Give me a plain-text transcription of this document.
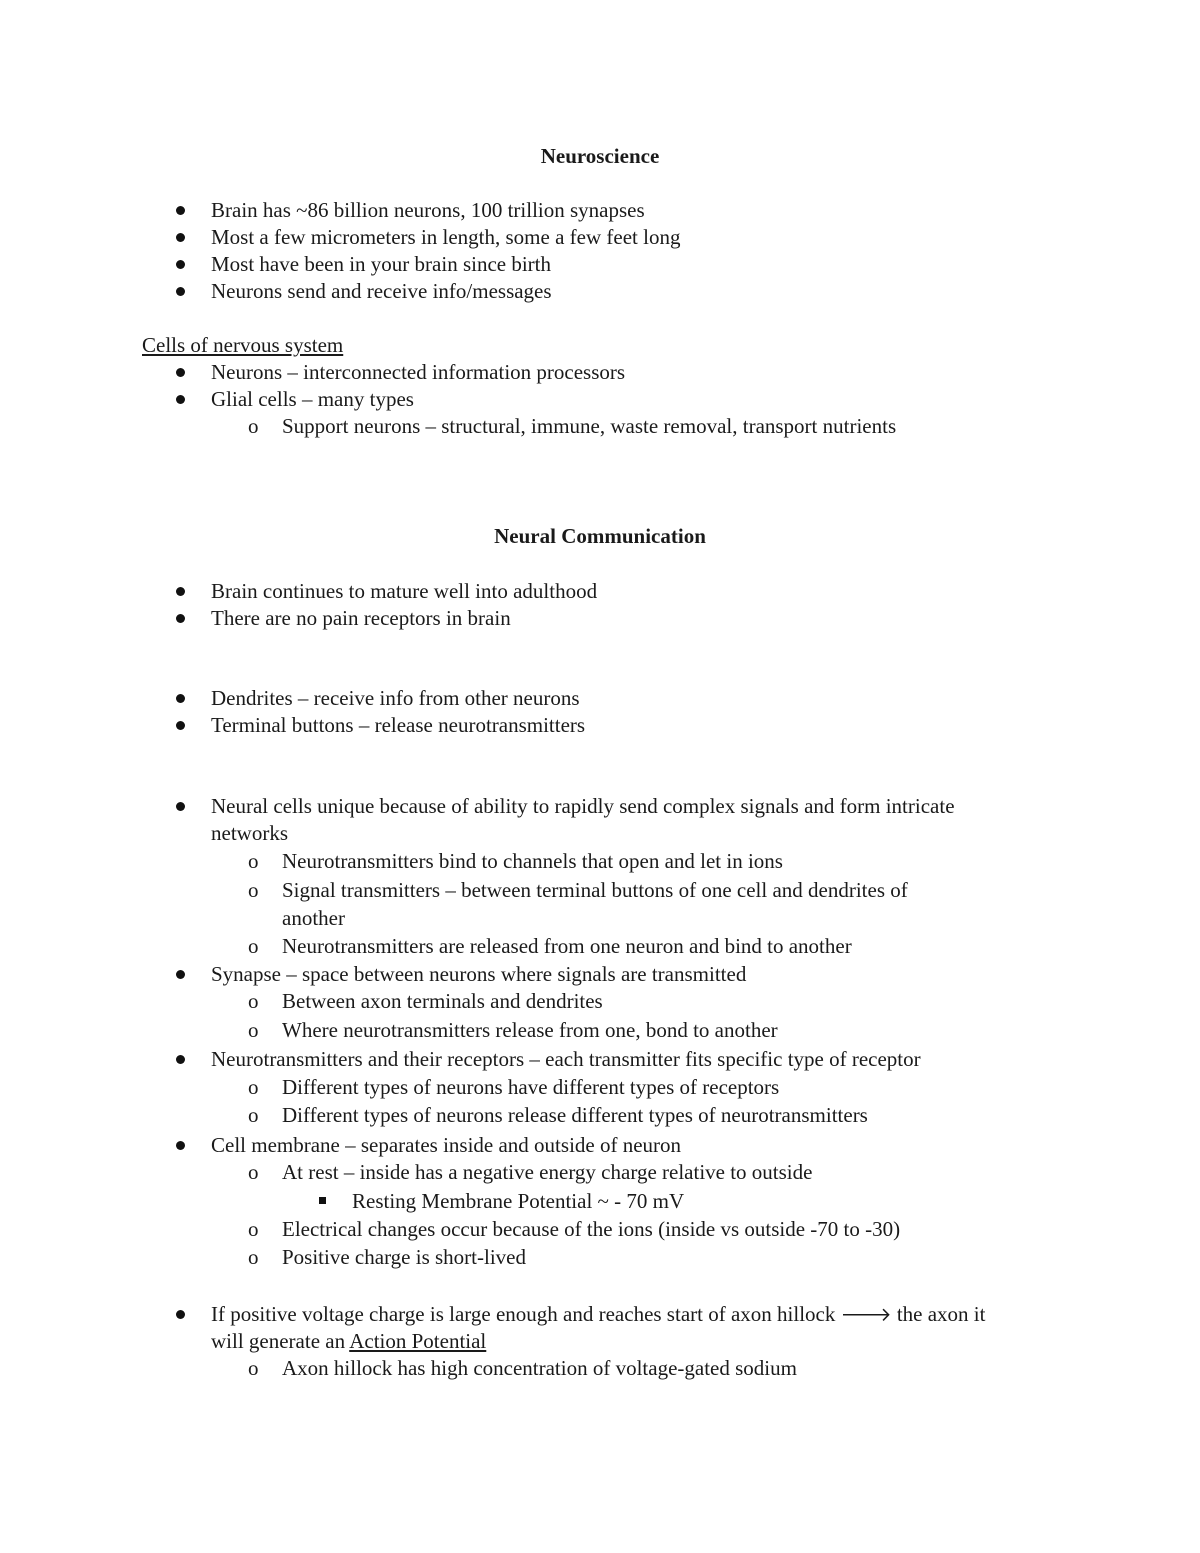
Neuroscience
Brain has ~86 billion neurons, 100 trillion synapses
Most a few micrometers in length, some a few feet long
Most have been in your brain since birth
Neurons send and receive info/messages
Cells of nervous system
Neurons – interconnected information processors
Glial cells – many types
o Support neurons – structural, immune, waste removal, transport nutrients
Neural Communication
Brain continues to mature well into adulthood
There are no pain receptors in brain
Dendrites – receive info from other neurons
Terminal buttons – release neurotransmitters
Neural cells unique because of ability to rapidly send complex signals and form intricate
networks
o Neurotransmitters bind to channels that open and let in ions
o Signal transmitters – between terminal buttons of one cell and dendrites of
another
o Neurotransmitters are released from one neuron and bind to another
Synapse – space between neurons where signals are transmitted
o Between axon terminals and dendrites
o Where neurotransmitters release from one, bond to another
Neurotransmitters and their receptors – each transmitter fits specific type of receptor
o Different types of neurons have different types of receptors
o Different types of neurons release different types of neurotransmitters
Cell membrane – separates inside and outside of neuron
o At rest – inside has a negative energy charge relative to outside
Resting Membrane Potential ~ - 70 mV
o Electrical changes occur because of the ions (inside vs outside -70 to -30)
o Positive charge is short-lived
If positive voltage charge is large enough and reaches start of axon hillock 🡒 the axon it
will generate an Action Potential
o Axon hillock has high concentration of voltage-gated sodium
